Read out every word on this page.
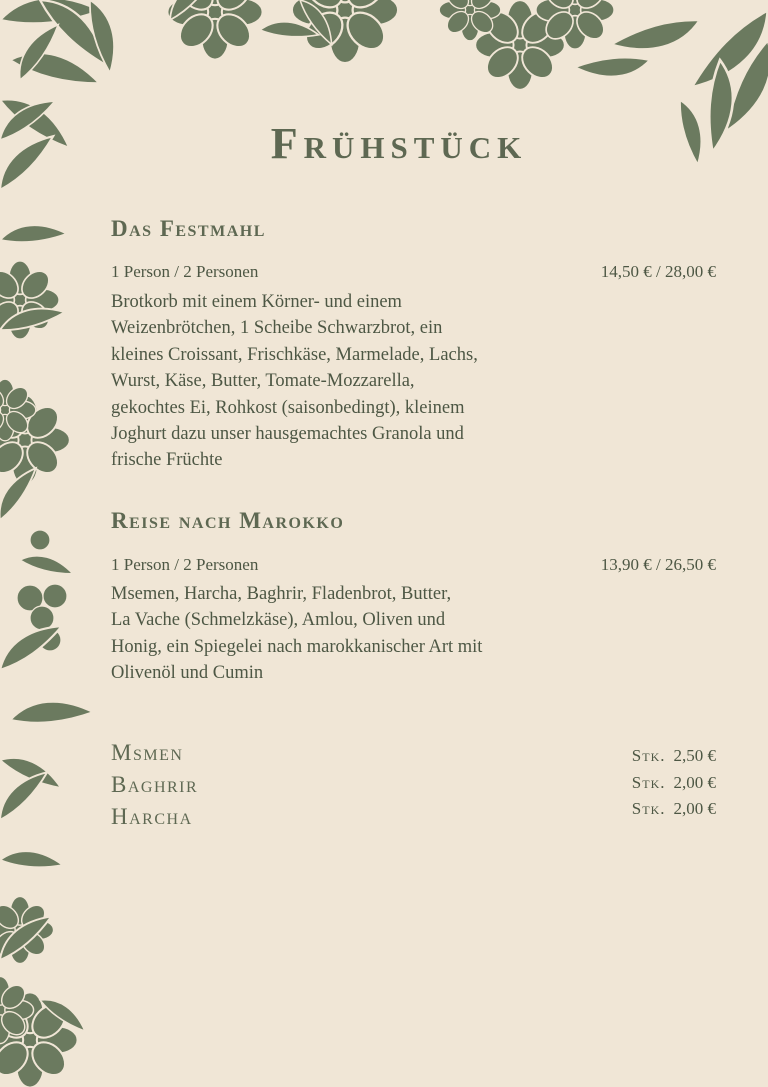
Frühstück
Das Festmahl
1 Person / 2 Personen	14,50 € / 28,00 €
Brotkorb mit einem Körner- und einem
Weizenbrötchen, 1 Scheibe Schwarzbrot, ein
kleines Croissant, Frischkäse, Marmelade, Lachs,
Wurst, Käse, Butter, Tomate-Mozzarella,
gekochtes Ei, Rohkost (saisonbedingt), kleinem
Joghurt dazu unser hausgemachtes Granola und
frische Früchte
Reise nach Marokko
1 Person / 2 Personen	13,90 € / 26,50 €
Msemen, Harcha, Baghrir, Fladenbrot, Butter,
La Vache (Schmelzkäse), Amlou, Oliven und
Honig, ein Spiegelei nach marokkanischer Art mit
Olivenöl und Cumin
Msmen	Stk. 2,50 €
Baghrir	Stk. 2,00 €
Harcha	Stk. 2,00 €
